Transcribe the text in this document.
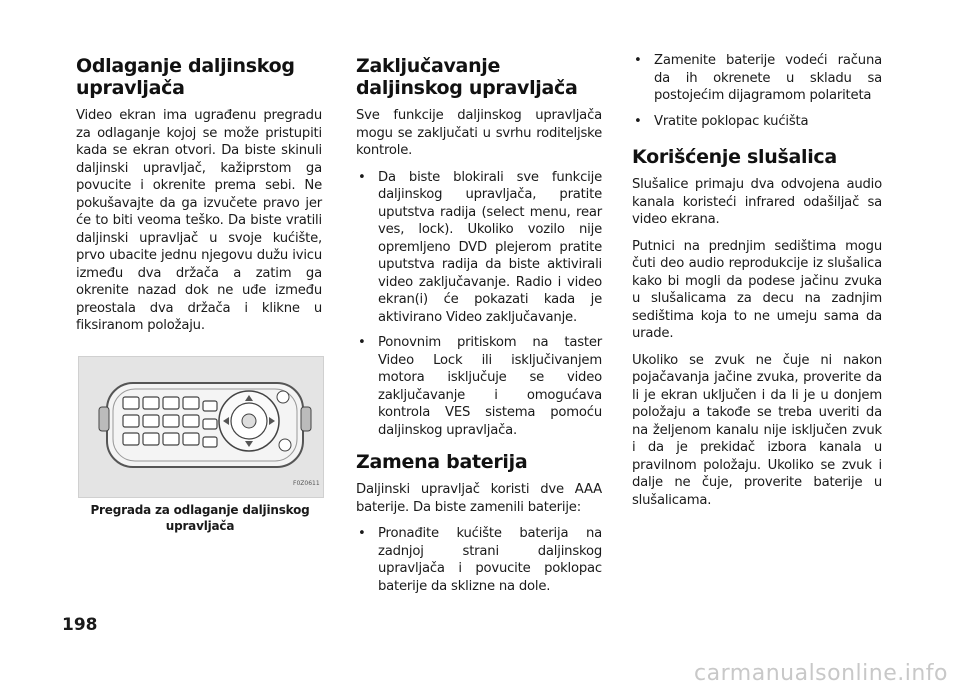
Odlaganje daljinskog upravljača

Video ekran ima ugrađenu pregradu za odlaganje kojoj se može pristupiti kada se ekran otvori. Da biste skinuli daljinski upravljač, kažiprstom ga povucite i okrenite prema sebi. Ne pokušavajte da ga izvučete pravo jer će to biti veoma teško. Da biste vratili daljinski upravljač u svoje kućište, prvo ubacite jednu njegovu dužu ivicu između dva držača a zatim ga okrenite nazad dok ne uđe između preostala dva držača i klikne u fiksiranom položaju.

F0Z0611
Pregrada za odlaganje daljinskog upravljača
Zaključavanje daljinskog upravljača

Sve funkcije daljinskog upravljača mogu se zaključati u svrhu roditeljske kontrole.

• Da biste blokirali sve funkcije daljinskog upravljača, pratite uputstva radija (select menu, rear ves, lock). Ukoliko vozilo nije opremljeno DVD plejerom pratite uputstva radija da biste aktivirali video zaključavanje. Radio i video ekran(i) će pokazati kada je aktivirano Video zaključavanje.
• Ponovnim pritiskom na taster Video Lock ili isključivanjem motora isključuje se video zaključavanje i omogućava kontrola VES sistema pomoću daljinskog upravljača.
Zamena baterija

Daljinski upravljač koristi dve AAA baterije. Da biste zamenili baterije:

• Pronađite kućište baterija na zadnjoj strani daljinskog upravljača i povucite poklopac baterije da sklizne na dole.
• Zamenite baterije vodeći računa da ih okrenete u skladu sa postojećim dijagramom polariteta
• Vratite poklopac kućišta
Korišćenje slušalica

Slušalice primaju dva odvojena audio kanala koristeći infrared odašiljač sa video ekrana.

Putnici na prednjim sedištima mogu čuti deo audio reprodukcije iz slušalica kako bi mogli da podese jačinu zvuka u slušalicama za decu na zadnjim sedištima koja to ne umeju sama da urade.

Ukoliko se zvuk ne čuje ni nakon pojačavanja jačine zvuka, proverite da li je ekran uključen i da li je u donjem položaju a takođe se treba uveriti da na željenom kanalu nije isključen zvuk i da je prekidač izbora kanala u pravilnom položaju. Ukoliko se zvuk i dalje ne čuje, proverite baterije u slušalicama.

198
carmanualsonline.info
